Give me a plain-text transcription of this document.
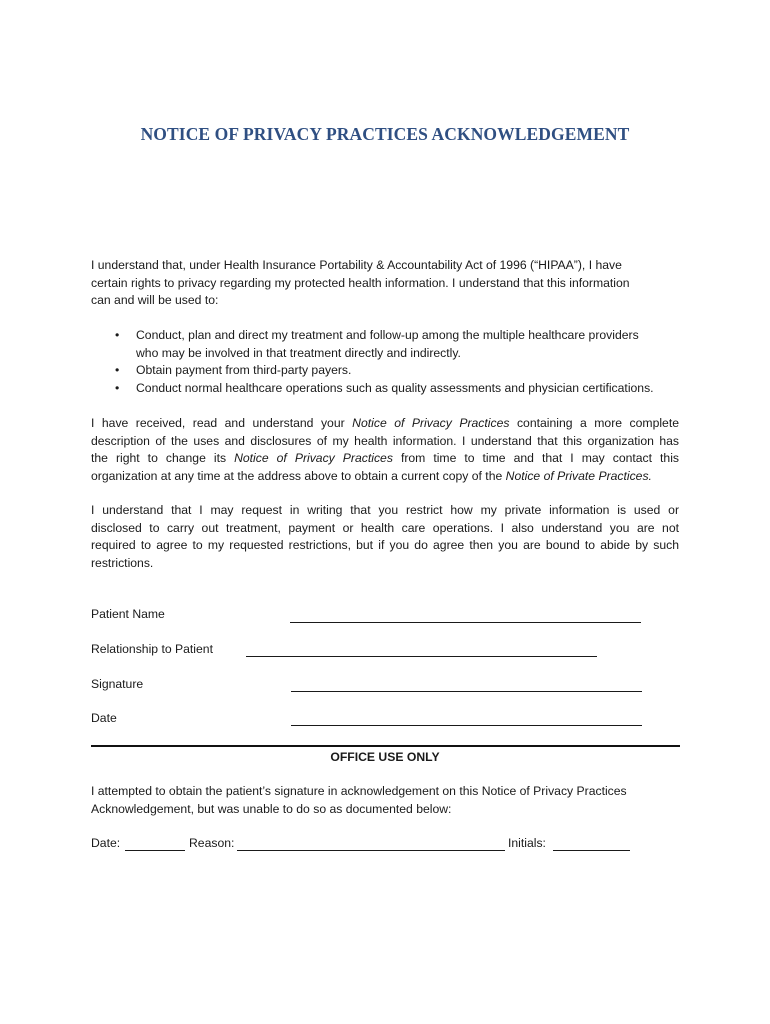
NOTICE OF PRIVACY PRACTICES ACKNOWLEDGEMENT

I understand that, under Health Insurance Portability & Accountability Act of 1996 (“HIPAA”), I have
certain rights to privacy regarding my protected health information. I understand that this information
can and will be used to:

• Conduct, plan and direct my treatment and follow-up among the multiple healthcare providers
who may be involved in that treatment directly and indirectly.
• Obtain payment from third-party payers.
• Conduct normal healthcare operations such as quality assessments and physician certifications.

I have received, read and understand your Notice of Privacy Practices containing a more complete
description of the uses and disclosures of my health information. I understand that this organization has
the right to change its Notice of Privacy Practices from time to time and that I may contact this
organization at any time at the address above to obtain a current copy of the Notice of Private Practices.

I understand that I may request in writing that you restrict how my private information is used or
disclosed to carry out treatment, payment or health care operations. I also understand you are not
required to agree to my requested restrictions, but if you do agree then you are bound to abide by such
restrictions.

Patient Name
Relationship to Patient
Signature
Date
OFFICE USE ONLY

I attempted to obtain the patient’s signature in acknowledgement on this Notice of Privacy Practices
Acknowledgement, but was unable to do so as documented below:

Date:	Reason:	Initials:
